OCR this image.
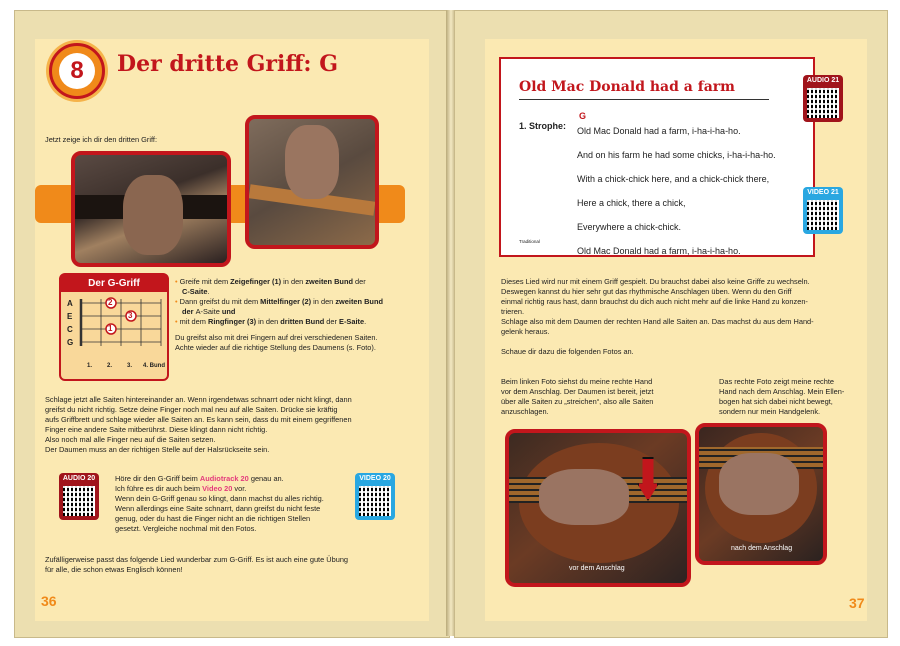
8	Der dritte Griff: G
Jetzt zeige ich dir den dritten Griff:
Der G-Griff
A
E
C
G
2
3
1
1. 2. 3. 4. Bund
• Greife mit dem Zeigefinger (1) in den zweiten Bund der
C-Saite.
• Dann greifst du mit dem Mittelfinger (2) in den zweiten Bund
der A-Saite und
• mit dem Ringfinger (3) in den dritten Bund der E-Saite.
Du greifst also mit drei Fingern auf drei verschiedenen Saiten.
Achte wieder auf die richtige Stellung des Daumens (s. Foto).
Schlage jetzt alle Saiten hintereinander an. Wenn irgendetwas schnarrt oder nicht klingt, dann
greifst du nicht richtig. Setze deine Finger noch mal neu auf alle Saiten. Drücke sie kräftig
aufs Griffbrett und schlage wieder alle Saiten an. Es kann sein, dass du mit einem gegriffenen
Finger eine andere Saite mitberührst. Diese klingt dann nicht richtig.
Also noch mal alle Finger neu auf die Saiten setzen.
Der Daumen muss an der richtigen Stelle auf der Halsrückseite sein.
AUDIO 20	VIDEO 20
Höre dir den G-Griff beim Audiotrack 20 genau an.
Ich führe es dir auch beim Video 20 vor.
Wenn dein G-Griff genau so klingt, dann machst du alles richtig.
Wenn allerdings eine Saite schnarrt, dann greifst du nicht feste
genug, oder du hast die Finger nicht an die richtigen Stellen
gesetzt. Vergleiche nochmal mit den Fotos.
Zufälligerweise passt das folgende Lied wunderbar zum G-Griff. Es ist auch eine gute Übung
für alle, die schon etwas Englisch können!
36
Old Mac Donald had a farm
G
1. Strophe: Old Mac Donald had a farm, i-ha-i-ha-ho.
And on his farm he had some chicks, i-ha-i-ha-ho.
With a chick-chick here, and a chick-chick there,
Here a chick, there a chick,
Everywhere a chick-chick.
Old Mac Donald had a farm, i-ha-i-ha-ho.
Traditional
AUDIO 21
VIDEO 21
Dieses Lied wird nur mit einem Griff gespielt. Du brauchst dabei also keine Griffe zu wechseln.
Deswegen kannst du hier sehr gut das rhythmische Anschlagen üben. Wenn du den Griff
einmal richtig raus hast, dann brauchst du dich auch nicht mehr auf die linke Hand zu konzen-
trieren.
Schlage also mit dem Daumen der rechten Hand alle Saiten an. Das machst du aus dem Hand-
gelenk heraus.
Schaue dir dazu die folgenden Fotos an.
Beim linken Foto siehst du meine rechte Hand
vor dem Anschlag. Der Daumen ist bereit, jetzt
über alle Saiten zu „streichen“, also alle Saiten
anzuschlagen.
Das rechte Foto zeigt meine rechte
Hand nach dem Anschlag. Mein Ellen-
bogen hat sich dabei nicht bewegt,
sondern nur mein Handgelenk.
vor dem Anschlag
nach dem Anschlag
37
